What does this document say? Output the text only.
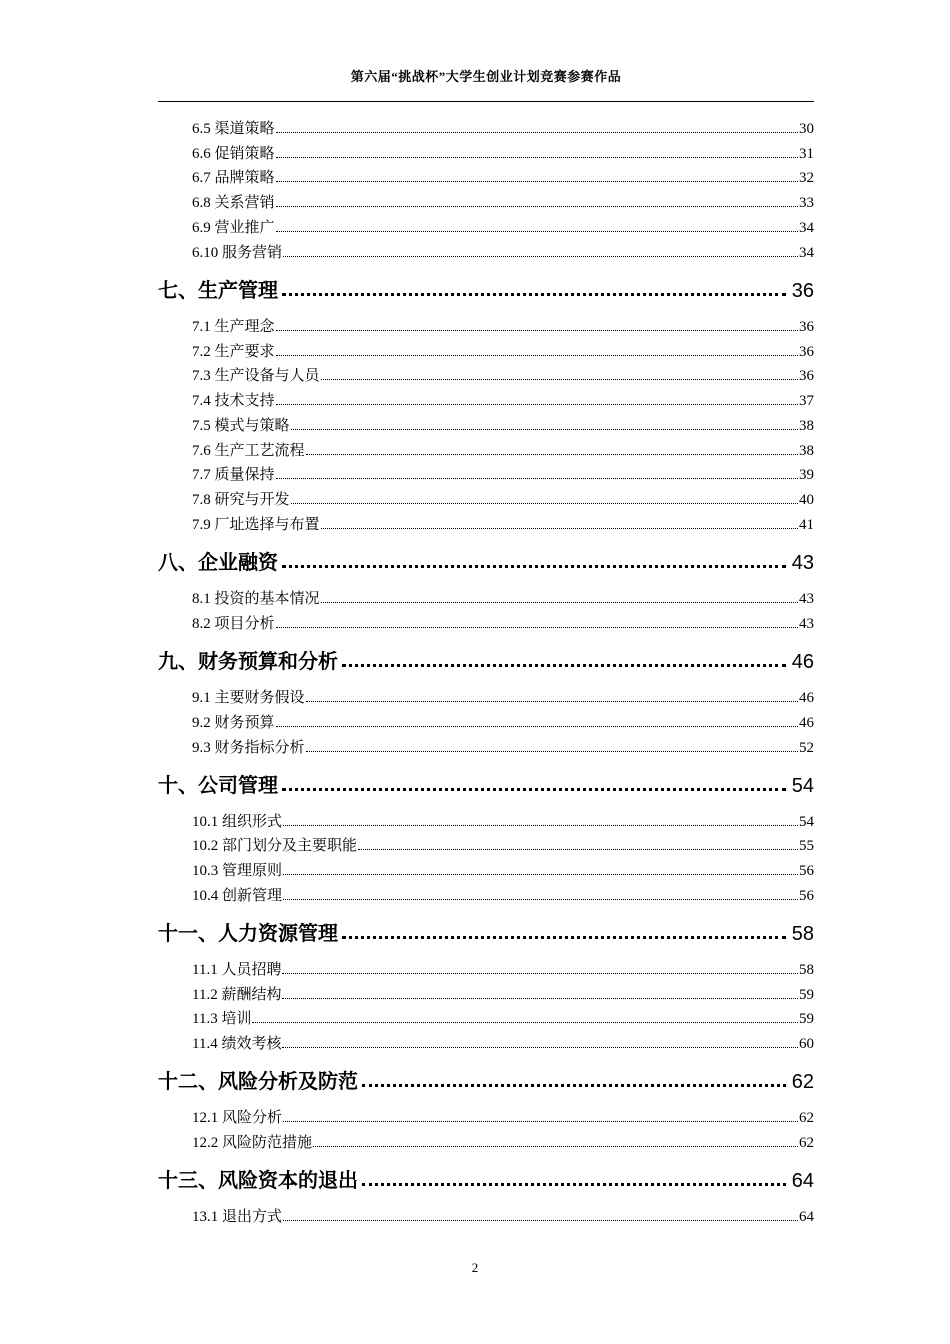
第六届“挑战杯”大学生创业计划竞赛参赛作品
6.5 渠道策略	30
6.6 促销策略	31
6.7 品牌策略	32
6.8 关系营销	33
6.9 营业推广	34
6.10 服务营销	34
七、生产管理	36
7.1 生产理念	36
7.2 生产要求	36
7.3 生产设备与人员	36
7.4 技术支持	37
7.5 模式与策略	38
7.6 生产工艺流程	38
7.7 质量保持	39
7.8 研究与开发	40
7.9 厂址选择与布置	41
八、企业融资	43
8.1 投资的基本情况	43
8.2 项目分析	43
九、财务预算和分析	46
9.1 主要财务假设	46
9.2 财务预算	46
9.3 财务指标分析	52
十、公司管理	54
10.1 组织形式	54
10.2 部门划分及主要职能	55
10.3 管理原则	56
10.4 创新管理	56
十一、人力资源管理	58
11.1 人员招聘	58
11.2 薪酬结构	59
11.3 培训	59
11.4 绩效考核	60
十二、风险分析及防范	62
12.1 风险分析	62
12.2 风险防范措施	62
十三、风险资本的退出	64
13.1 退出方式	64
2
